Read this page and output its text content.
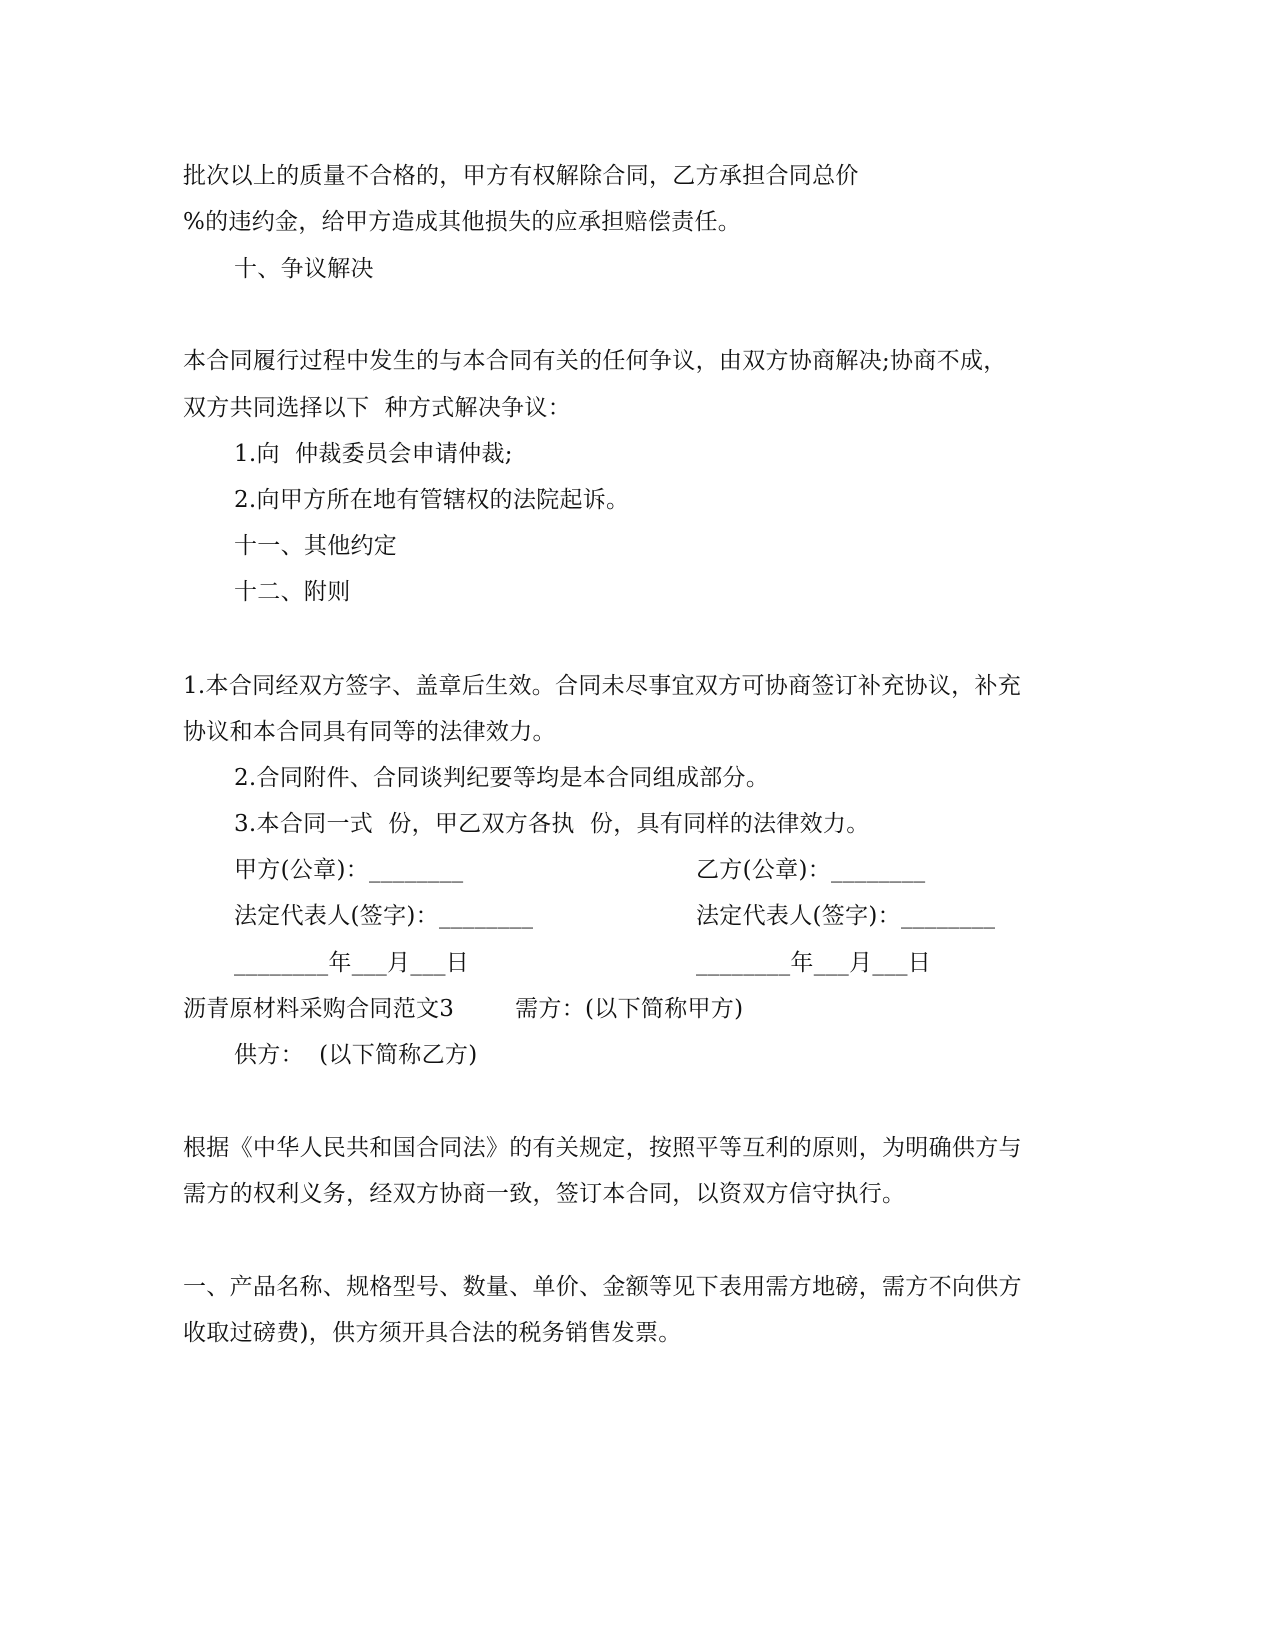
批次以上的质量不合格的，甲方有权解除合同，乙方承担合同总价
%的违约金，给甲方造成其他损失的应承担赔偿责任。
十、争议解决
本合同履行过程中发生的与本合同有关的任何争议，由双方协商解决;协商不成，
双方共同选择以下  种方式解决争议：
1.向  仲裁委员会申请仲裁;
2.向甲方所在地有管辖权的法院起诉。
十一、其他约定
十二、附则
1.本合同经双方签字、盖章后生效。合同未尽事宜双方可协商签订补充协议，补充
协议和本合同具有同等的法律效力。
2.合同附件、合同谈判纪要等均是本合同组成部分。
3.本合同一式  份，甲乙双方各执  份，具有同样的法律效力。
甲方(公章)：________	乙方(公章)：________
法定代表人(签字)：________	法定代表人(签字)：________
________年___月___日	________年___月___日
沥青原材料采购合同范文3        需方：(以下简称甲方)
供方：  (以下简称乙方)
根据《中华人民共和国合同法》的有关规定，按照平等互利的原则，为明确供方与
需方的权利义务，经双方协商一致，签订本合同，以资双方信守执行。
一、产品名称、规格型号、数量、单价、金额等见下表用需方地磅，需方不向供方
收取过磅费)，供方须开具合法的税务销售发票。
